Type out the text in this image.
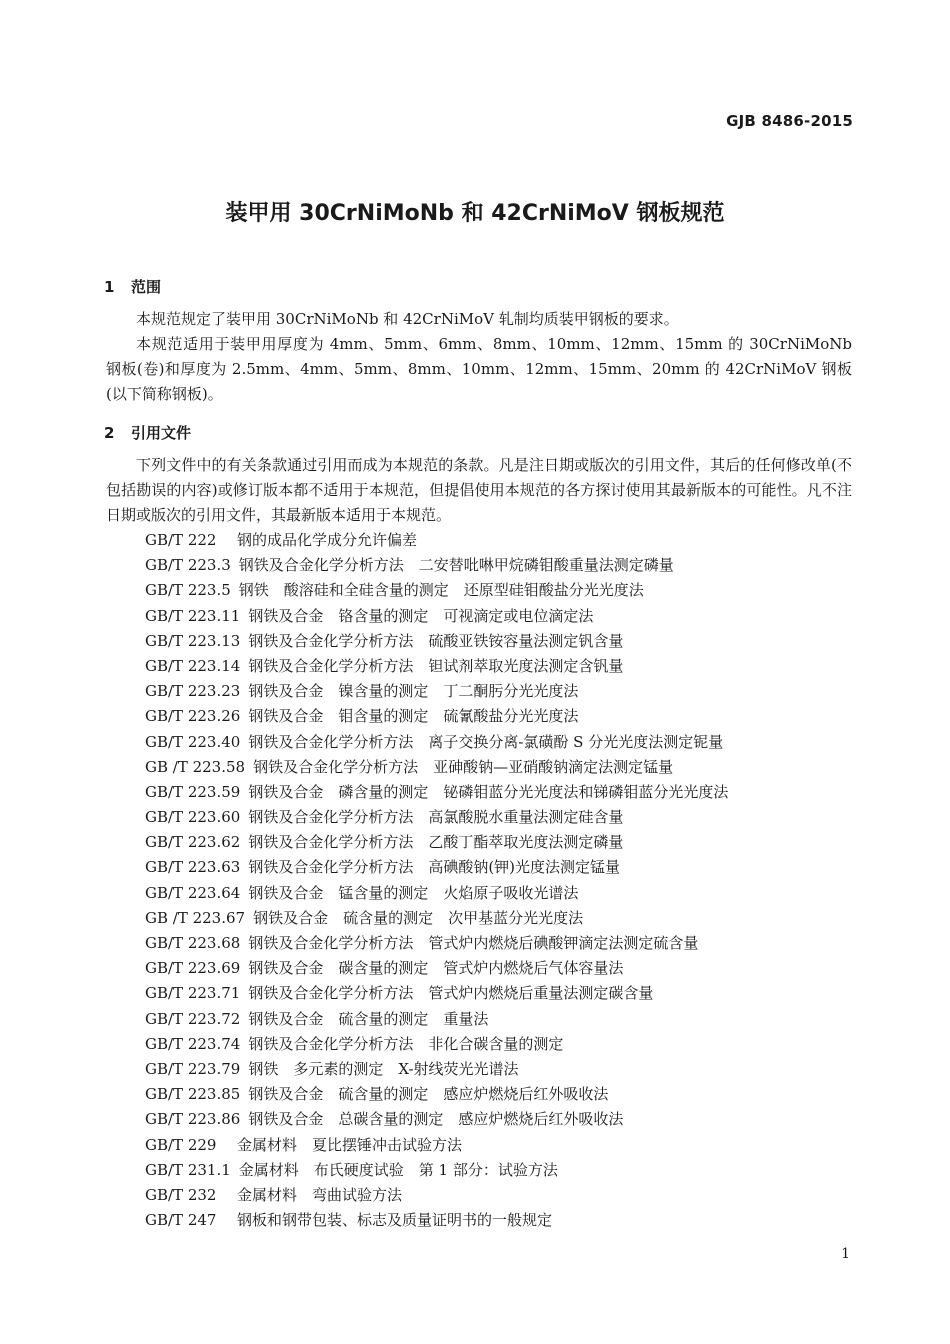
GJB 8486-2015
装甲用 30CrNiMoNb 和 42CrNiMoV 钢板规范
1 范围

本规范规定了装甲用 30CrNiMoNb 和 42CrNiMoV 轧制均质装甲钢板的要求。

本规范适用于装甲用厚度为 4mm、5mm、6mm、8mm、10mm、12mm、15mm 的 30CrNiMoNb 钢板(卷)和厚度为 2.5mm、4mm、5mm、8mm、10mm、12mm、15mm、20mm 的 42CrNiMoV 钢板(以下简称钢板)。

2 引用文件

下列文件中的有关条款通过引用而成为本规范的条款。凡是注日期或版次的引用文件，其后的任何修改单(不包括勘误的内容)或修订版本都不适用于本规范，但提倡使用本规范的各方探讨使用其最新版本的可能性。凡不注日期或版次的引用文件，其最新版本适用于本规范。

GB/T 222 钢的成品化学成分允许偏差
GB/T 223.3 钢铁及合金化学分析方法　二安替吡啉甲烷磷钼酸重量法测定磷量
GB/T 223.5 钢铁　酸溶硅和全硅含量的测定　还原型硅钼酸盐分光光度法
GB/T 223.11 钢铁及合金　铬含量的测定　可视滴定或电位滴定法
GB/T 223.13 钢铁及合金化学分析方法　硫酸亚铁铵容量法测定钒含量
GB/T 223.14 钢铁及合金化学分析方法　钽试剂萃取光度法测定含钒量
GB/T 223.23 钢铁及合金　镍含量的测定　丁二酮肟分光光度法
GB/T 223.26 钢铁及合金　钼含量的测定　硫氰酸盐分光光度法
GB/T 223.40 钢铁及合金化学分析方法　离子交换分离-氯磺酚 S 分光光度法测定铌量
GB /T 223.58 钢铁及合金化学分析方法　亚砷酸钠—亚硝酸钠滴定法测定锰量
GB/T 223.59 钢铁及合金　磷含量的测定　铋磷钼蓝分光光度法和锑磷钼蓝分光光度法
GB/T 223.60 钢铁及合金化学分析方法　高氯酸脱水重量法测定硅含量
GB/T 223.62 钢铁及合金化学分析方法　乙酸丁酯萃取光度法测定磷量
GB/T 223.63 钢铁及合金化学分析方法　高碘酸钠(钾)光度法测定锰量
GB/T 223.64 钢铁及合金　锰含量的测定　火焰原子吸收光谱法
GB /T 223.67 钢铁及合金　硫含量的测定　次甲基蓝分光光度法
GB/T 223.68 钢铁及合金化学分析方法　管式炉内燃烧后碘酸钾滴定法测定硫含量
GB/T 223.69 钢铁及合金　碳含量的测定　管式炉内燃烧后气体容量法
GB/T 223.71 钢铁及合金化学分析方法　管式炉内燃烧后重量法测定碳含量
GB/T 223.72 钢铁及合金　硫含量的测定　重量法
GB/T 223.74 钢铁及合金化学分析方法　非化合碳含量的测定
GB/T 223.79 钢铁　多元素的测定　X-射线荧光光谱法
GB/T 223.85 钢铁及合金　硫含量的测定　感应炉燃烧后红外吸收法
GB/T 223.86 钢铁及合金　总碳含量的测定　感应炉燃烧后红外吸收法
GB/T 229 金属材料　夏比摆锤冲击试验方法
GB/T 231.1 金属材料　布氏硬度试验　第 1 部分：试验方法
GB/T 232 金属材料　弯曲试验方法
GB/T 247 钢板和钢带包装、标志及质量证明书的一般规定
1
